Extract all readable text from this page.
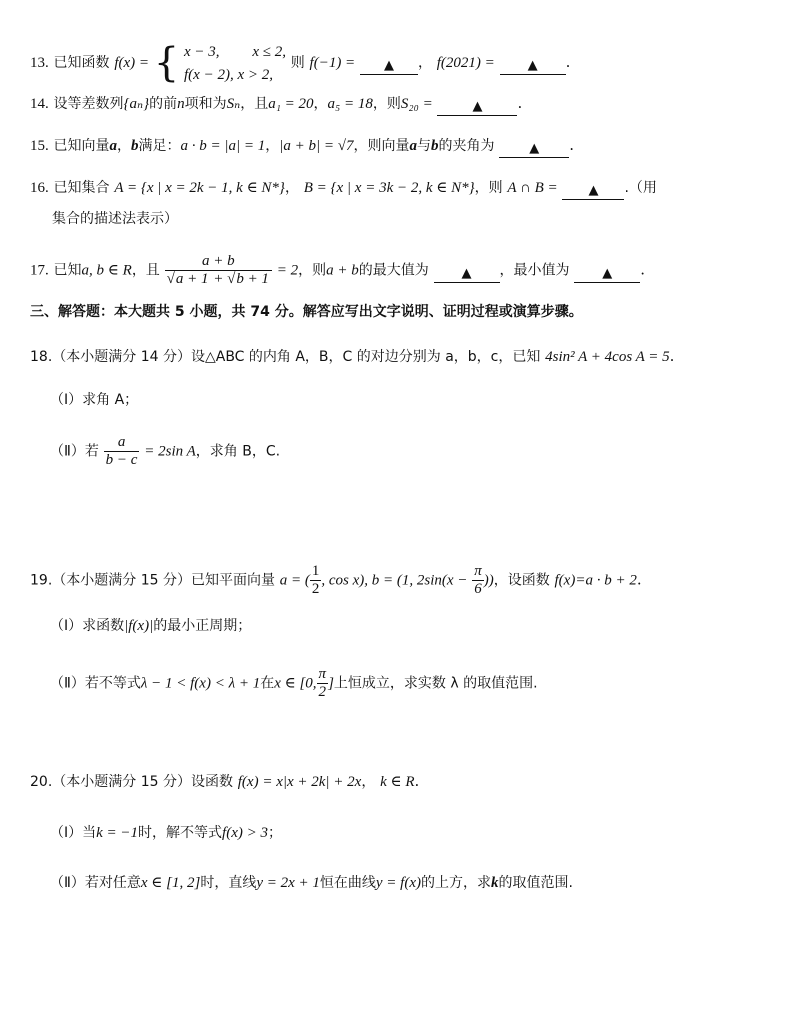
13. 已知函数 f(x) = { x − 3, x ≤ 2,
f(x − 2), x > 2,
则 f(−1) = ▲ ， f(2021) =	▲ .
14. 设等差数列{aₙ}的前n项和为Sₙ，且a₁ = 20，a₅ = 18，则S₂₀ =	▲ .
15. 已知向量a，b满足：a · b = |a| = 1，|a + b| = √7，则向量a与b的夹角为	▲ .
16. 已知集合 A = {x | x = 2k − 1, k ∈ N*}， B = {x | x = 3k − 2, k ∈ N*}，则 A ∩ B = ▲ .（用
集合的描述法表示）
17. 已知a, b ∈ R，且 $\frac{a + b}{√a + 1 + √b + 1} = 2$，则a + b的最大值为	▲ ，最小值为	▲ .
三、解答题：本大题共 5 小题，共 74 分。解答应写出文字说明、证明过程或演算步骤。
18.（本小题满分 14 分）设△ABC 的内角 A，B，C 的对边分别为 a，b，c，已知 4sin² A + 4cos A = 5.
（Ⅰ）求角 A；
（Ⅱ）若 $\frac{a}{b - c} = 2\sin$ A，求角 B，C.
19.（本小题满分 15 分）已知平面向量 a = ( $\frac{1}{2}$ , cos x), b = (1, $2\sin(x - \frac{\pi}{6}$ ))，设函数 f(x)=a · b + 2.
（Ⅰ）求函数|f(x)|的最小正周期；
（Ⅱ）若不等式λ − 1 < f(x) < λ + 1在x ∈ [0, $\frac{\pi}{2}$ ]上恒成立，求实数 λ 的取值范围.
20.（本小题满分 15 分）设函数 f(x) = x|x + 2k| + 2x， k ∈ R.
（Ⅰ）当k = −1时，解不等式f(x) > 3；
（Ⅱ）若对任意x ∈ [1, 2]时，直线y = 2x + 1恒在曲线y = f(x)的上方，求k的取值范围.
